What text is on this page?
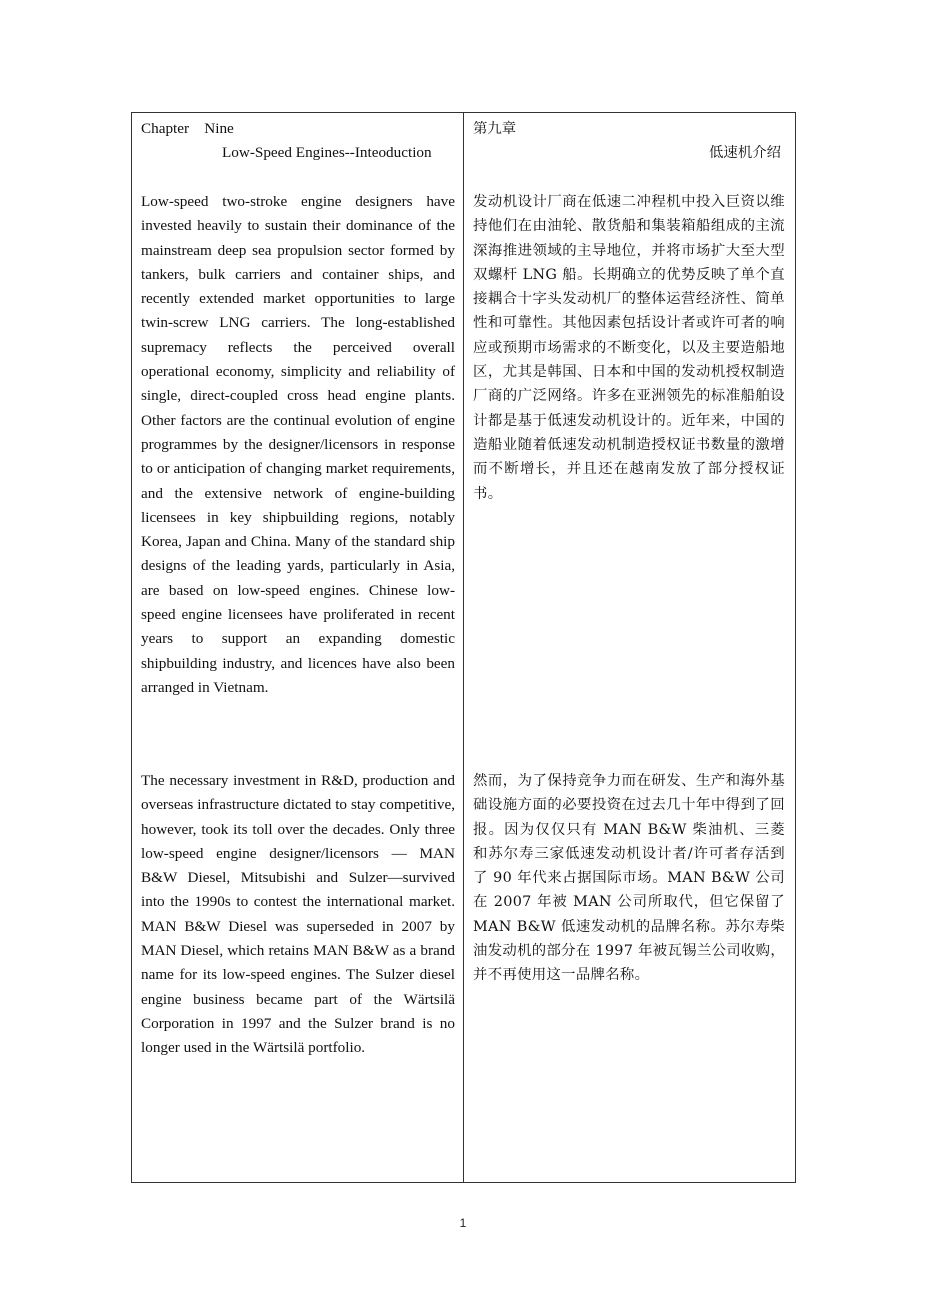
Chapter    Nine

Low-Speed Engines--Inteoduction

Low-speed two-stroke engine designers have invested heavily to sustain their dominance of the mainstream deep sea propulsion sector formed by tankers, bulk carriers and container ships, and recently extended market opportunities to large twin-screw LNG carriers. The long-established supremacy reflects the perceived overall operational economy, simplicity and reliability of single, direct-coupled cross head engine plants. Other factors are the continual evolution of engine programmes by the designer/licensors in response to or anticipation of changing market requirements, and the extensive network of engine-building licensees in key shipbuilding regions, notably Korea, Japan and China. Many of the standard ship designs of the leading yards, particularly in Asia, are based on low-speed engines. Chinese low-speed engine licensees have proliferated in recent years to support an expanding domestic shipbuilding industry, and licences have also been arranged in Vietnam.

The necessary investment in R&D, production and overseas infrastructure dictated to stay competitive, however, took its toll over the decades. Only three low-speed engine designer/licensors — MAN B&W Diesel, Mitsubishi and Sulzer—survived into the 1990s to contest the international market. MAN B&W Diesel was superseded in 2007 by MAN Diesel, which retains MAN B&W as a brand name for its low-speed engines. The Sulzer diesel engine business became part of the Wärtsilä Corporation in 1997 and the Sulzer brand is no longer used in the Wärtsilä portfolio.

第九章

低速机介绍

发动机设计厂商在低速二冲程机中投入巨资以维持他们在由油轮、散货船和集装箱船组成的主流深海推进领域的主导地位，并将市场扩大至大型双螺杆 LNG 船。长期确立的优势反映了单个直接耦合十字头发动机厂的整体运营经济性、简单性和可靠性。其他因素包括设计者或许可者的响应或预期市场需求的不断变化，以及主要造船地区，尤其是韩国、日本和中国的发动机授权制造厂商的广泛网络。许多在亚洲领先的标准船舶设计都是基于低速发动机设计的。近年来，中国的造船业随着低速发动机制造授权证书数量的激增而不断增长，并且还在越南发放了部分授权证书。

然而，为了保持竞争力而在研发、生产和海外基础设施方面的必要投资在过去几十年中得到了回报。因为仅仅只有 MAN B&W 柴油机、三菱和苏尔寿三家低速发动机设计者/许可者存活到了 90 年代来占据国际市场。MAN B&W 公司在 2007 年被 MAN 公司所取代，但它保留了 MAN B&W 低速发动机的品牌名称。苏尔寿柴油发动机的部分在 1997 年被瓦锡兰公司收购，并不再使用这一品牌名称。

1
